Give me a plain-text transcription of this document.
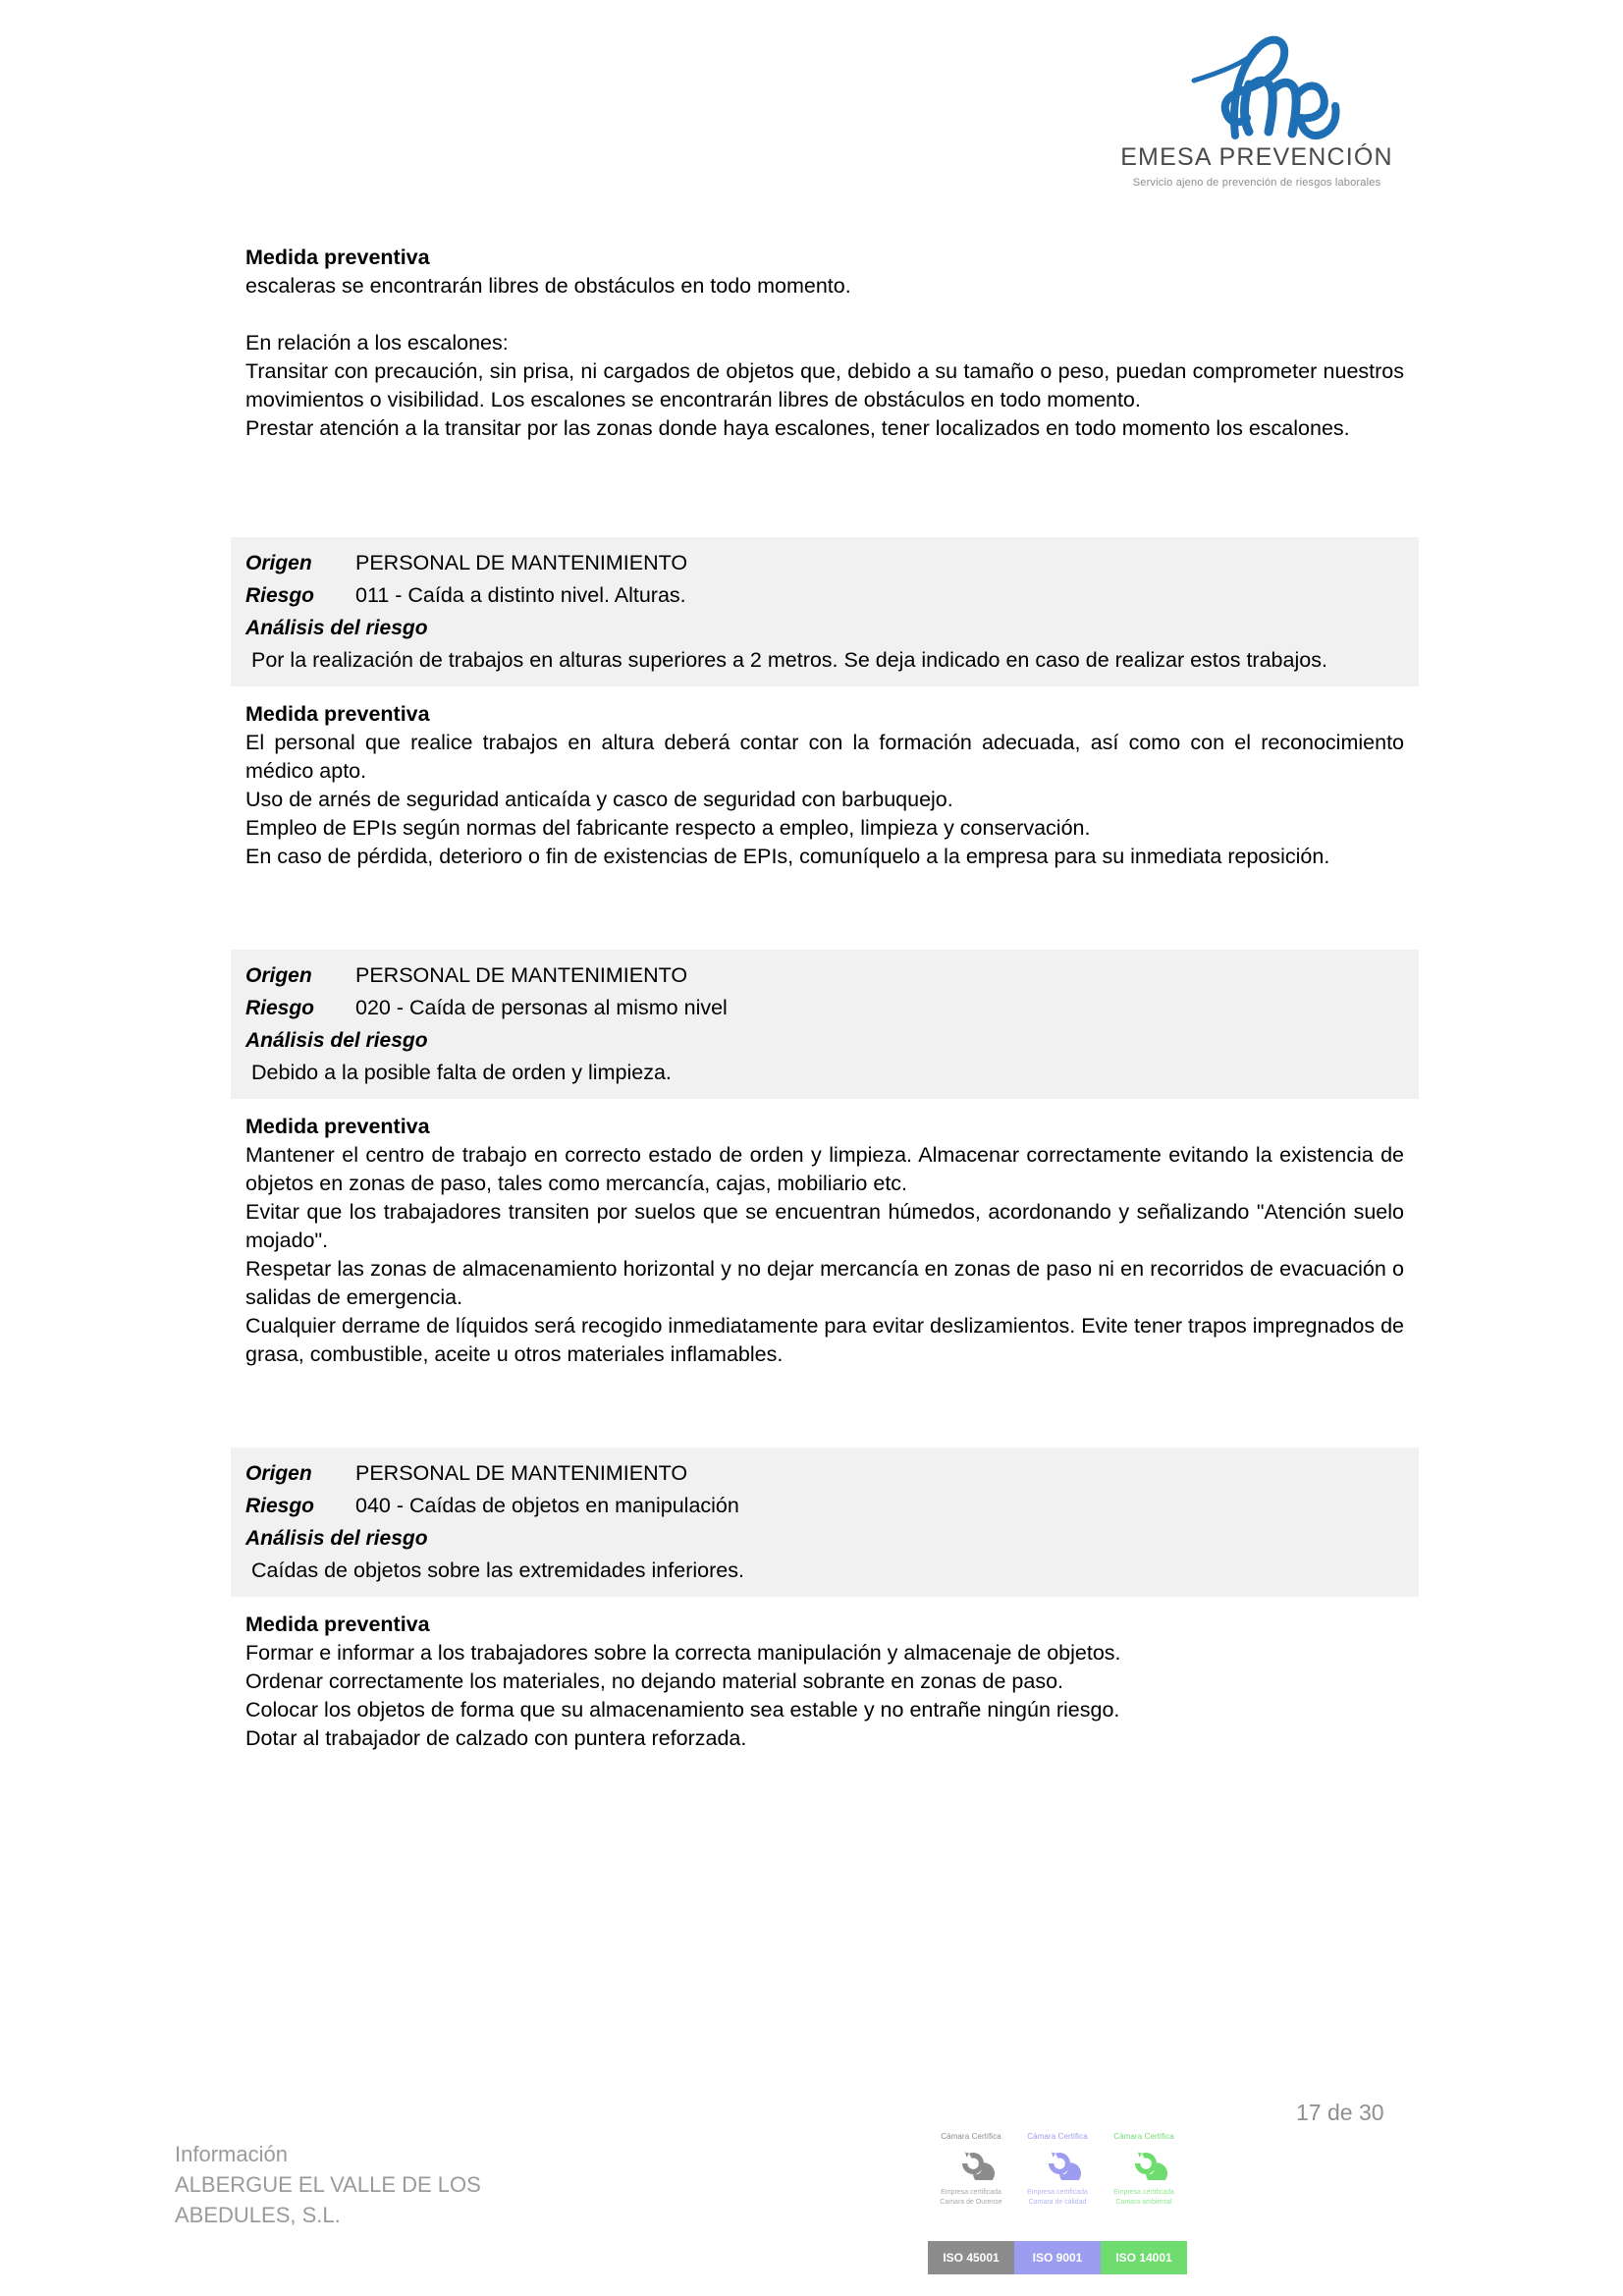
EMESA PREVENCIÓN
Servicio ajeno de prevención de riesgos laborales

Medida preventiva

escaleras se encontrarán libres de obstáculos en todo momento.

En relación a los escalones:

Transitar con precaución, sin prisa, ni cargados de objetos que, debido a su tamaño o peso, puedan comprometer nuestros movimientos o visibilidad. Los escalones se encontrarán libres de obstáculos en todo momento.

Prestar atención a la transitar por las zonas donde haya escalones, tener localizados en todo momento los escalones.

Origen	PERSONAL DE MANTENIMIENTO
Riesgo	011 - Caída a distinto nivel. Alturas.
Análisis del riesgo
Por la realización de trabajos en alturas superiores a 2 metros. Se deja indicado en caso de realizar estos trabajos.

Medida preventiva

El personal que realice trabajos en altura deberá contar con la formación adecuada, así como con el reconocimiento médico apto.

Uso de arnés de seguridad anticaída y casco de seguridad con barbuquejo.

Empleo de EPIs según normas del fabricante respecto a empleo, limpieza y conservación.

En caso de pérdida, deterioro o fin de existencias de EPIs, comuníquelo a la empresa para su inmediata reposición.

Origen	PERSONAL DE MANTENIMIENTO
Riesgo	020 - Caída de personas al mismo nivel
Análisis del riesgo
Debido a la posible falta de orden y limpieza.

Medida preventiva

Mantener el centro de trabajo en correcto estado de orden y limpieza. Almacenar correctamente evitando la existencia de objetos en zonas de paso, tales como mercancía, cajas, mobiliario etc.

Evitar que los trabajadores transiten por suelos que se encuentran húmedos, acordonando y señalizando "Atención suelo mojado".

Respetar las zonas de almacenamiento horizontal y no dejar mercancía en zonas de paso ni en recorridos de evacuación o salidas de emergencia.

Cualquier derrame de líquidos será recogido inmediatamente para evitar deslizamientos. Evite tener trapos impregnados de grasa, combustible, aceite u otros materiales inflamables.

Origen	PERSONAL DE MANTENIMIENTO
Riesgo	040 - Caídas de objetos en manipulación
Análisis del riesgo
Caídas de objetos sobre las extremidades inferiores.

Medida preventiva

Formar e informar a los trabajadores sobre la correcta manipulación y almacenaje de objetos.

Ordenar correctamente los materiales, no dejando material sobrante en zonas de paso.

Colocar los objetos de forma que su almacenamiento sea estable y no entrañe ningún riesgo.

Dotar al trabajador de calzado con puntera reforzada.

17 de 30
Información
ALBERGUE EL VALLE DE LOS
ABEDULES, S.L.
Cámara Certifica
Empresa certificada
Camara de Ourense
ISO 45001
Cámara Certifica
Empresa certificada
Camara de calidad
ISO 9001
Cámara Certifica
Empresa certificada
Camara ambiental
ISO 14001
